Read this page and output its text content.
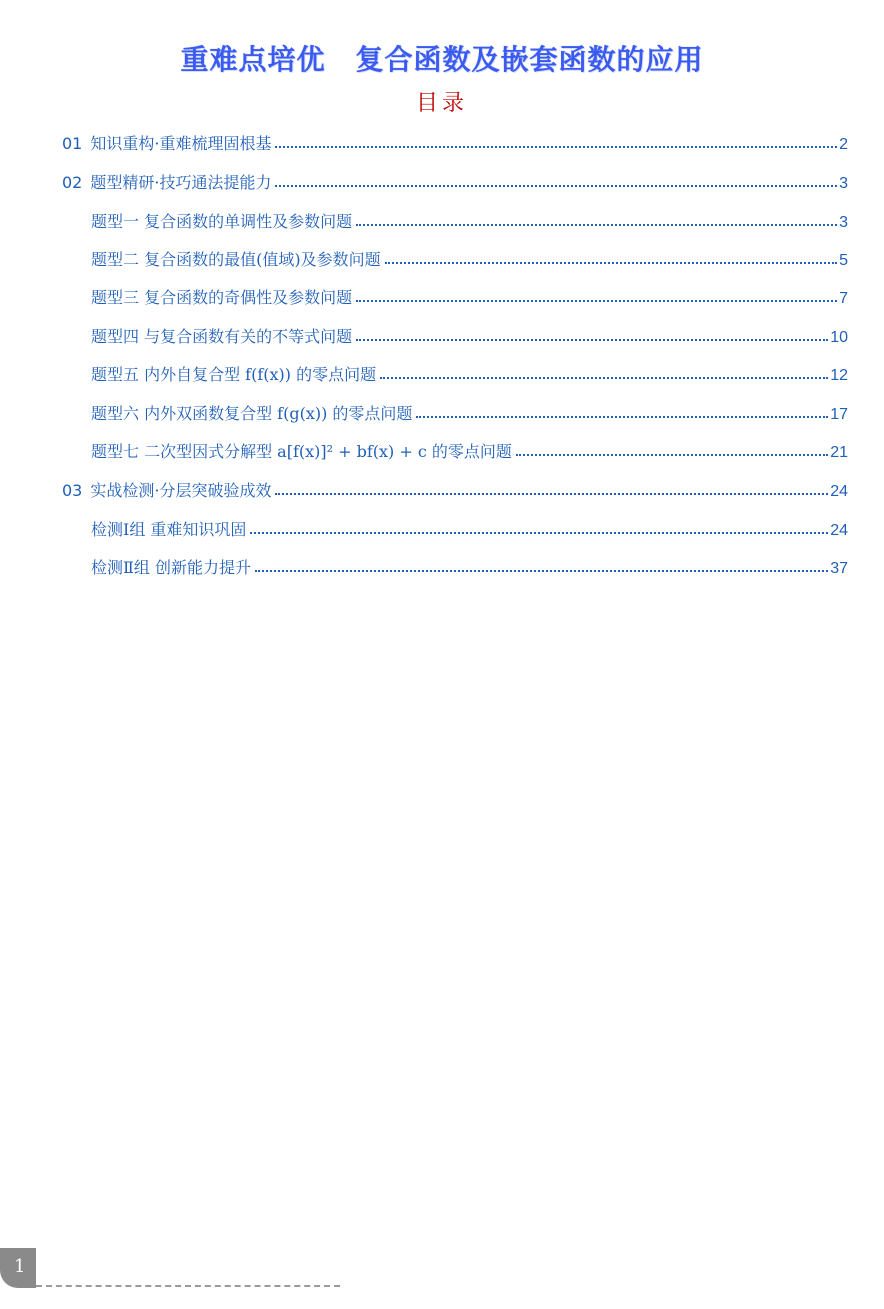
重难点培优 复合函数及嵌套函数的应用
目录
01 知识重构·重难梳理固根基	2
02 题型精研·技巧通法提能力	3
题型一 复合函数的单调性及参数问题	3
题型二 复合函数的最值(值域)及参数问题	5
题型三 复合函数的奇偶性及参数问题	7
题型四 与复合函数有关的不等式问题	10
题型五 内外自复合型 f(f(x)) 的零点问题	12
题型六 内外双函数复合型 f(g(x)) 的零点问题	17
题型七 二次型因式分解型 a[f(x)]² + bf(x) + c 的零点问题	21
03 实战检测·分层突破验成效	24
检测Ⅰ组 重难知识巩固	24
检测Ⅱ组 创新能力提升	37
1
